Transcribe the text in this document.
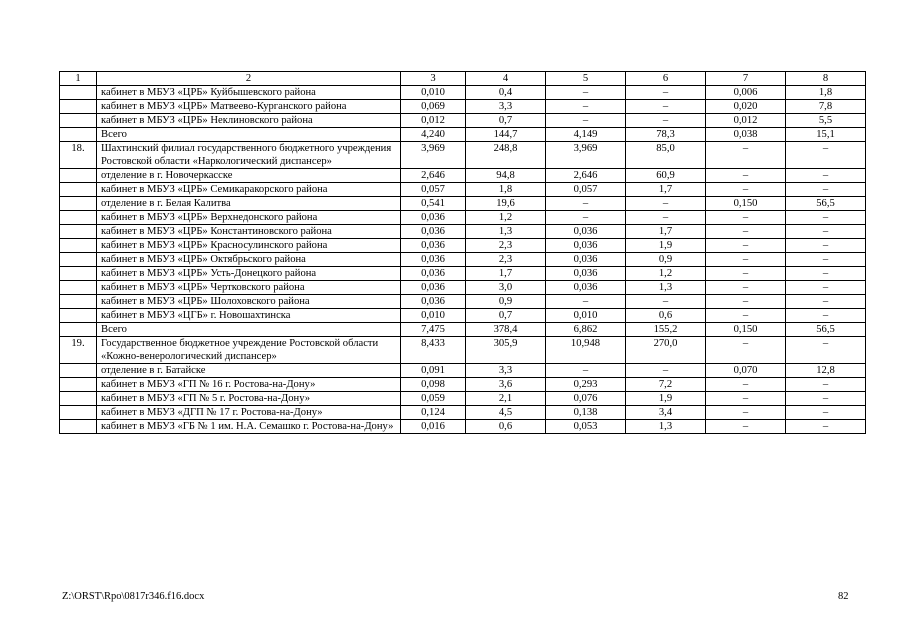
1	2	3	4	5	6	7	8
	кабинет в МБУЗ «ЦРБ» Куйбышевского района	0,010	0,4	–	–	0,006	1,8
	кабинет в МБУЗ «ЦРБ» Матвеево-Курганского района	0,069	3,3	–	–	0,020	7,8
	кабинет в МБУЗ «ЦРБ» Неклиновского района	0,012	0,7	–	–	0,012	5,5
	Всего	4,240	144,7	4,149	78,3	0,038	15,1
18.	Шахтинский филиал государственного бюджетного учреждения Ростовской области «Наркологический диспансер»	3,969	248,8	3,969	85,0	–	–
	отделение в г. Новочеркасске	2,646	94,8	2,646	60,9	–	–
	кабинет в МБУЗ «ЦРБ» Семикаракорского района	0,057	1,8	0,057	1,7	–	–
	отделение в г. Белая Калитва	0,541	19,6	–	–	0,150	56,5
	кабинет в МБУЗ «ЦРБ» Верхнедонского района	0,036	1,2	–	–	–	–
	кабинет в МБУЗ «ЦРБ» Константиновского района	0,036	1,3	0,036	1,7	–	–
	кабинет в МБУЗ «ЦРБ» Красносулинского района	0,036	2,3	0,036	1,9	–	–
	кабинет в МБУЗ «ЦРБ» Октябрьского района	0,036	2,3	0,036	0,9	–	–
	кабинет в МБУЗ «ЦРБ» Усть-Донецкого района	0,036	1,7	0,036	1,2	–	–
	кабинет в МБУЗ «ЦРБ» Чертковского района	0,036	3,0	0,036	1,3	–	–
	кабинет в МБУЗ «ЦРБ» Шолоховского района	0,036	0,9	–	–	–	–
	кабинет в МБУЗ «ЦГБ» г. Новошахтинска	0,010	0,7	0,010	0,6	–	–
	Всего	7,475	378,4	6,862	155,2	0,150	56,5
19.	Государственное бюджетное учреждение Ростовской области «Кожно-венерологический диспансер»	8,433	305,9	10,948	270,0	–	–
	отделение в г. Батайске	0,091	3,3	–	–	0,070	12,8
	кабинет в МБУЗ «ГП № 16 г. Ростова-на-Дону»	0,098	3,6	0,293	7,2	–	–
	кабинет в МБУЗ «ГП № 5 г. Ростова-на-Дону»	0,059	2,1	0,076	1,9	–	–
	кабинет в МБУЗ «ДГП № 17 г. Ростова-на-Дону»	0,124	4,5	0,138	3,4	–	–
	кабинет в МБУЗ «ГБ № 1 им. Н.А. Семашко г. Ростова-на-Дону»	0,016	0,6	0,053	1,3	–	–
Z:\ORST\Rpo\0817r346.f16.docx	82
